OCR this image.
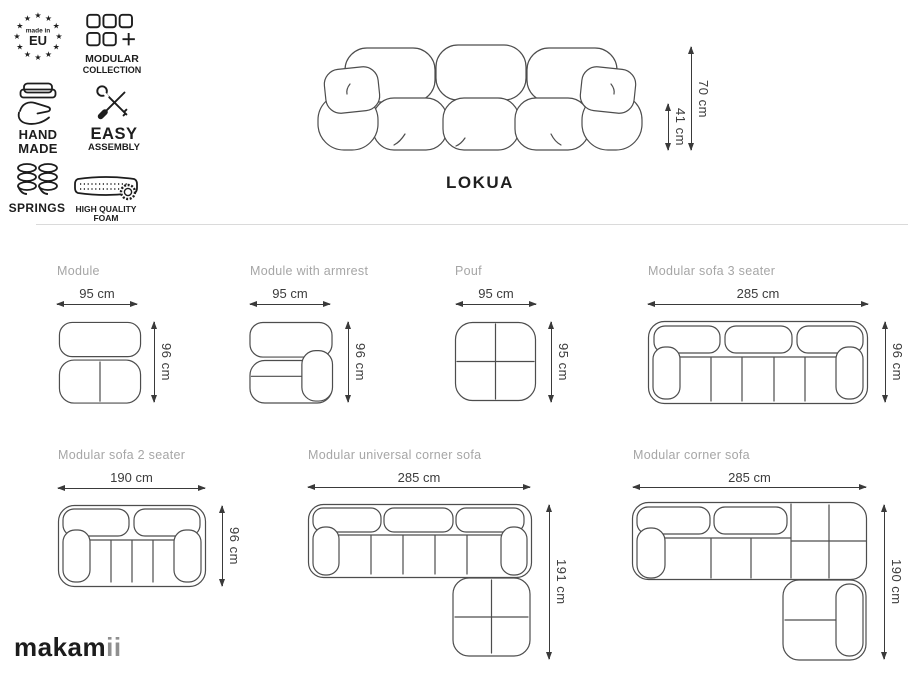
★ ★
★
★
★
★
★
★
★
★
★
★
made in
EU
MODULAR
COLLECTION
HAND
MADE
EASY
ASSEMBLY
SPRINGS	HIGH QUALITY
FOAM
41 cm
70 cm
LOKUA
Module
95 cm
96 cm
Module with armrest
95 cm
96 cm
Pouf
95 cm
95 cm
Modular sofa 3 seater
285 cm
96 cm
Modular sofa 2 seater
190 cm
96 cm
Modular universal corner sofa
285 cm
191 cm
Modular corner sofa
285 cm
190 cm
makamii
